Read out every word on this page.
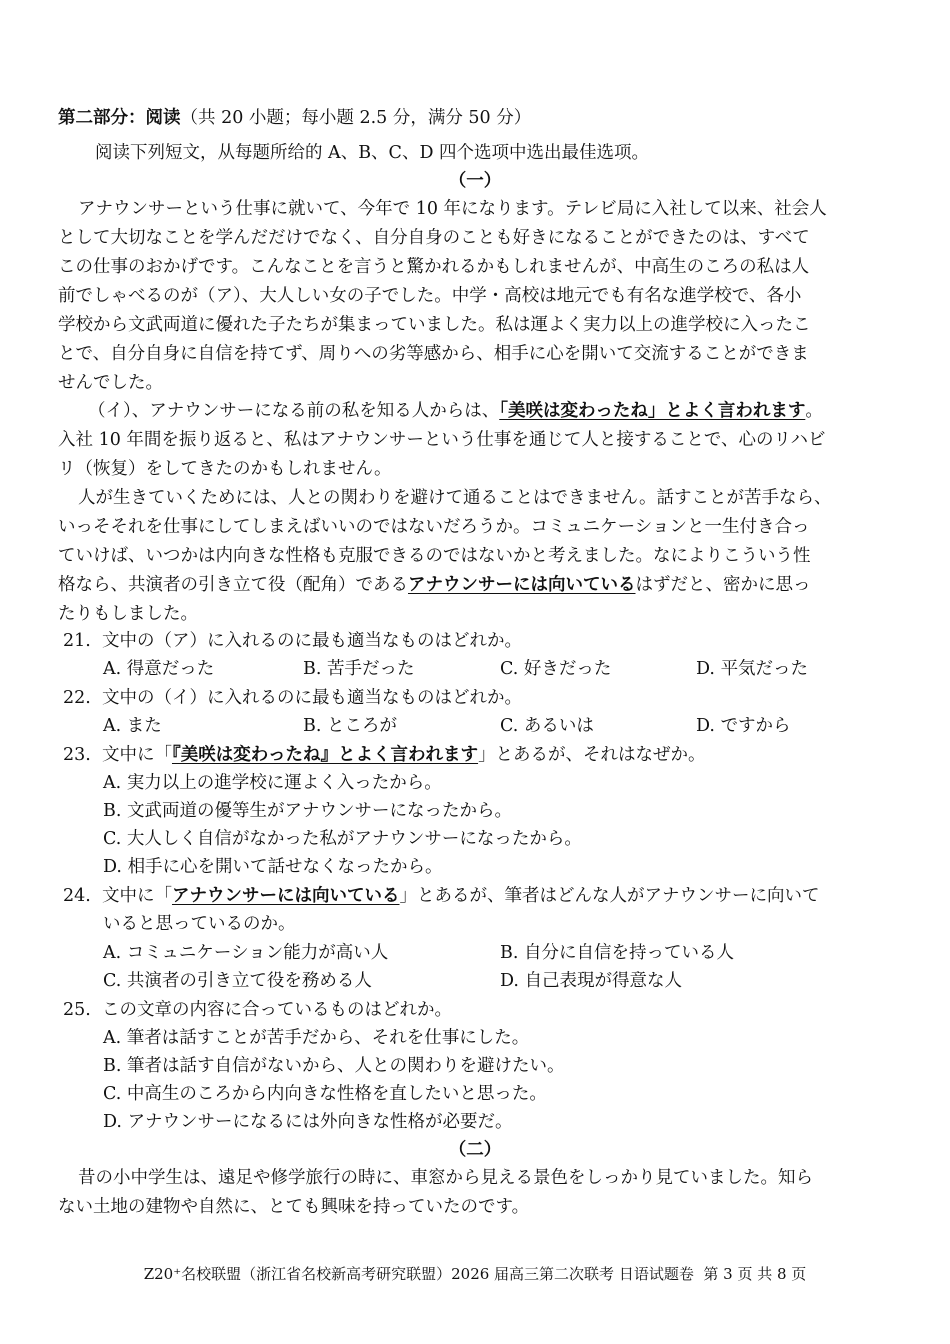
第二部分：阅读（共 20 小题；每小题 2.5 分，满分 50 分）
阅读下列短文，从每题所给的 A、B、C、D 四个选项中选出最佳选项。
（一）
アナウンサーという仕事に就いて、今年で 10 年になります。テレビ局に入社して以来、社会人
として大切なことを学んだだけでなく、自分自身のことも好きになることができたのは、すべて
この仕事のおかげです。こんなことを言うと驚かれるかもしれませんが、中高生のころの私は人
前でしゃべるのが（ア）、大人しい女の子でした。中学・高校は地元でも有名な進学校で、各小
学校から文武両道に優れた子たちが集まっていました。私は運よく実力以上の進学校に入ったこ
とで、自分自身に自信を持てず、周りへの劣等感から、相手に心を開いて交流することができま
せんでした。
（イ）、アナウンサーになる前の私を知る人からは、「美咲は変わったね」とよく言われます。
入社 10 年間を振り返ると、私はアナウンサーという仕事を通じて人と接することで、心のリハビ
リ（恢复）をしてきたのかもしれません。
人が生きていくためには、人との関わりを避けて通ることはできません。話すことが苦手なら、
いっそそれを仕事にしてしまえばいいのではないだろうか。コミュニケーションと一生付き合っ
ていけば、いつかは内向きな性格も克服できるのではないかと考えました。なによりこういう性
格なら、共演者の引き立て役（配角）であるアナウンサーには向いているはずだと、密かに思っ
たりもしました。
21. 文中の（ア）に入れるのに最も適当なものはどれか。
A. 得意だった	B. 苦手だった	C. 好きだった	D. 平気だった
22. 文中の（イ）に入れるのに最も適当なものはどれか。
A. また	B. ところが	C. あるいは	D. ですから
23. 文中に「『美咲は変わったね』とよく言われます」とあるが、それはなぜか。
A. 実力以上の進学校に運よく入ったから。
B. 文武両道の優等生がアナウンサーになったから。
C. 大人しく自信がなかった私がアナウンサーになったから。
D. 相手に心を開いて話せなくなったから。
24. 文中に「アナウンサーには向いている」とあるが、筆者はどんな人がアナウンサーに向いて
いると思っているのか。
A. コミュニケーション能力が高い人	B. 自分に自信を持っている人
C. 共演者の引き立て役を務める人	D. 自己表現が得意な人
25. この文章の内容に合っているものはどれか。
A. 筆者は話すことが苦手だから、それを仕事にした。
B. 筆者は話す自信がないから、人との関わりを避けたい。
C. 中高生のころから内向きな性格を直したいと思った。
D. アナウンサーになるには外向きな性格が必要だ。
（二）
昔の小中学生は、遠足や修学旅行の時に、車窓から見える景色をしっかり見ていました。知ら
ない土地の建物や自然に、とても興味を持っていたのです。
Z20⁺名校联盟（浙江省名校新高考研究联盟）2026 届高三第二次联考 日语试题卷 第 3 页 共 8 页
